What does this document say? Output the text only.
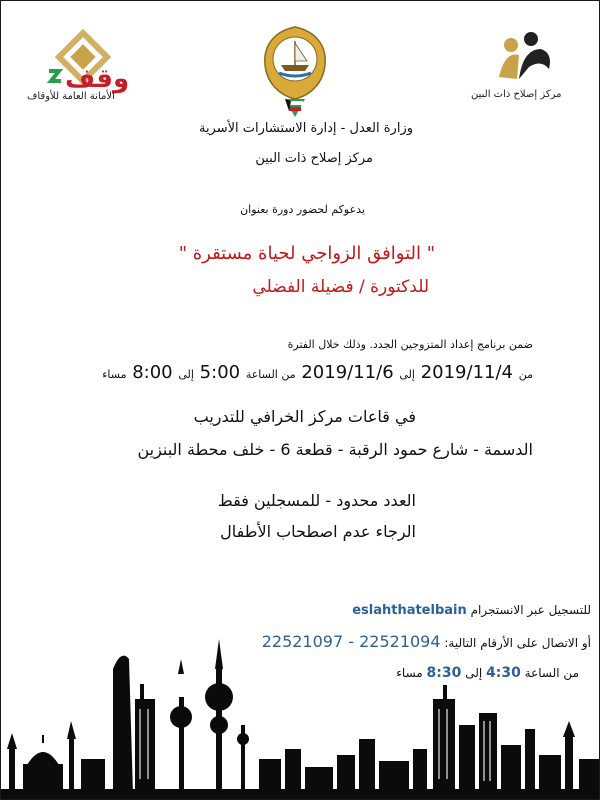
وقف
الأمانة العامة للأوقاف	مركز إصلاح ذات البين
وزارة العدل - إدارة الاستشارات الأسرية
مركز إصلاح ذات البين
يدعوكم لحضور دورة بعنوان
" التوافق الزواجي لحياة مستقرة "
للدكتورة / فضيلة الفضلي
ضمن برنامج إعداد المتزوجين الجدد. وذلك خلال الفترة
من 2019/11/4 إلى 2019/11/6 من الساعة 5:00 إلى 8:00 مساء
في قاعات مركز الخرافي للتدريب
الدسمة - شارع حمود الرقبة - قطعة 6 - خلف محطة البنزين
العدد محدود - للمسجلين فقط
الرجاء عدم اصطحاب الأطفال
للتسجيل عبر الانستجرام eslahthatelbain
أو الاتصال على الأرقام التالية: 22521094 - 22521097
من الساعة 4:30 إلى 8:30 مساء
